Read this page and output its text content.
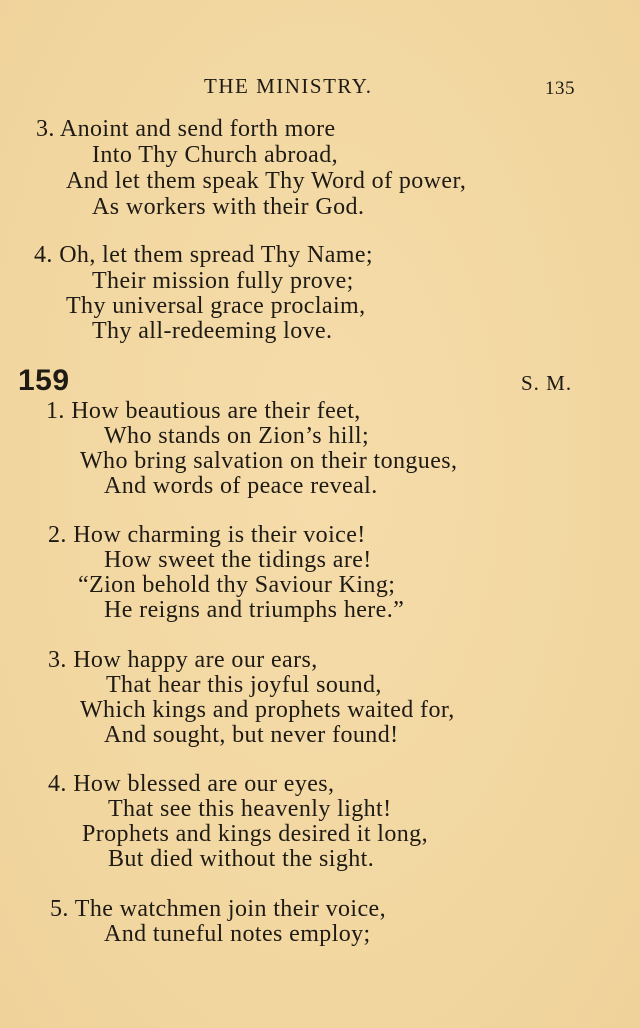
THE MINISTRY.	135
3. Anoint and send forth more
Into Thy Church abroad,
And let them speak Thy Word of power,
As workers with their God.
4. Oh, let them spread Thy Name;
Their mission fully prove;
Thy universal grace proclaim,
Thy all-redeeming love.
159	S. M.
1. How beautious are their feet,
Who stands on Zion’s hill;
Who bring salvation on their tongues,
And words of peace reveal.
2. How charming is their voice!
How sweet the tidings are!
“Zion behold thy Saviour King;
He reigns and triumphs here.”
3. How happy are our ears,
That hear this joyful sound,
Which kings and prophets waited for,
And sought, but never found!
4. How blessed are our eyes,
That see this heavenly light!
Prophets and kings desired it long,
But died without the sight.
5. The watchmen join their voice,
And tuneful notes employ;
